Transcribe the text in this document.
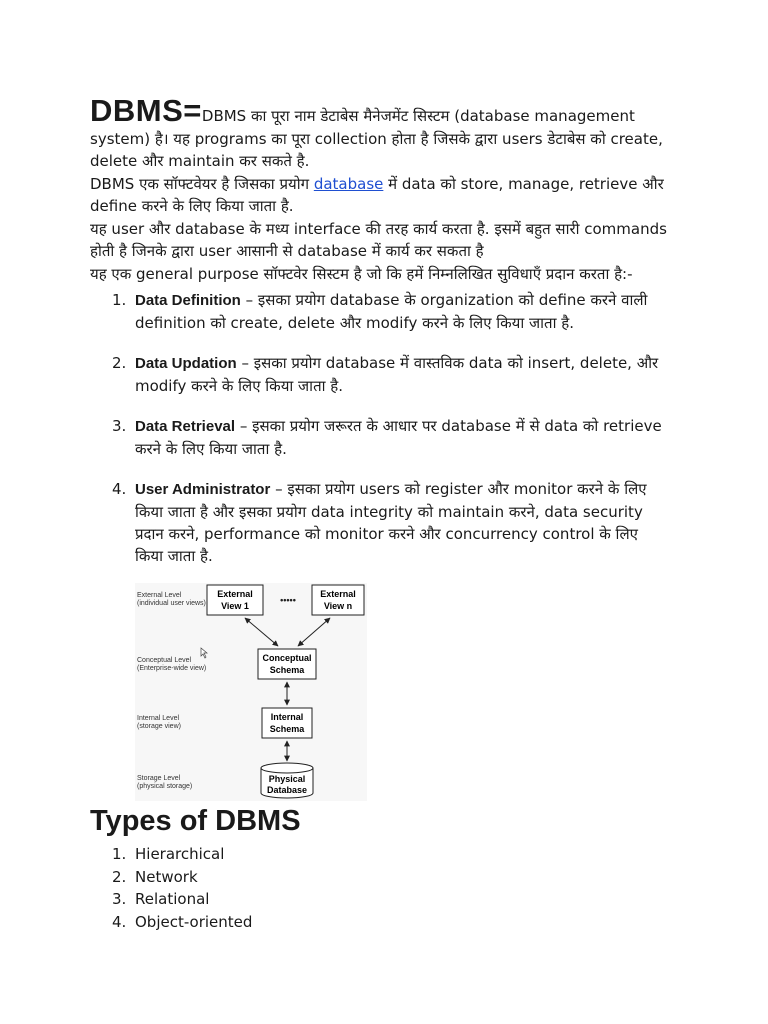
DBMS=DBMS का पूरा नाम डेटाबेस मैनेजमेंट सिस्टम (database management system) है। यह programs का पूरा collection होता है जिसके द्वारा users डेटाबेस को create, delete और maintain कर सकते है.

DBMS एक सॉफ्टवेयर है जिसका प्रयोग database में data को store, manage, retrieve और define करने के लिए किया जाता है.

यह user और database के मध्य interface की तरह कार्य करता है. इसमें बहुत सारी commands होती है जिनके द्वारा user आसानी से database में कार्य कर सकता है

यह एक general purpose सॉफ्टवेर सिस्टम है जो कि हमें निम्नलिखित सुविधाएँ प्रदान करता है:-

1. Data Definition – इसका प्रयोग database के organization को define करने वाली definition को create, delete और modify करने के लिए किया जाता है.
2. Data Updation – इसका प्रयोग database में वास्तविक data को insert, delete, और modify करने के लिए किया जाता है.
3. Data Retrieval – इसका प्रयोग जरूरत के आधार पर database में से data को retrieve करने के लिए किया जाता है.
4. User Administrator – इसका प्रयोग users को register और monitor करने के लिए किया जाता है और इसका प्रयोग data integrity को maintain करने, data security प्रदान करने, performance को monitor करने और concurrency control के लिए किया जाता है.
External Level
(individual user views)
Conceptual Level
(Enterprise-wide view)
Internal Level
(storage view)
Storage Level
(physical storage)
External
View 1
•••••
External
View n
Conceptual
Schema
Internal
Schema
Physical
Database
Types of DBMS
1. Hierarchical
2. Network
3. Relational
4. Object-oriented
